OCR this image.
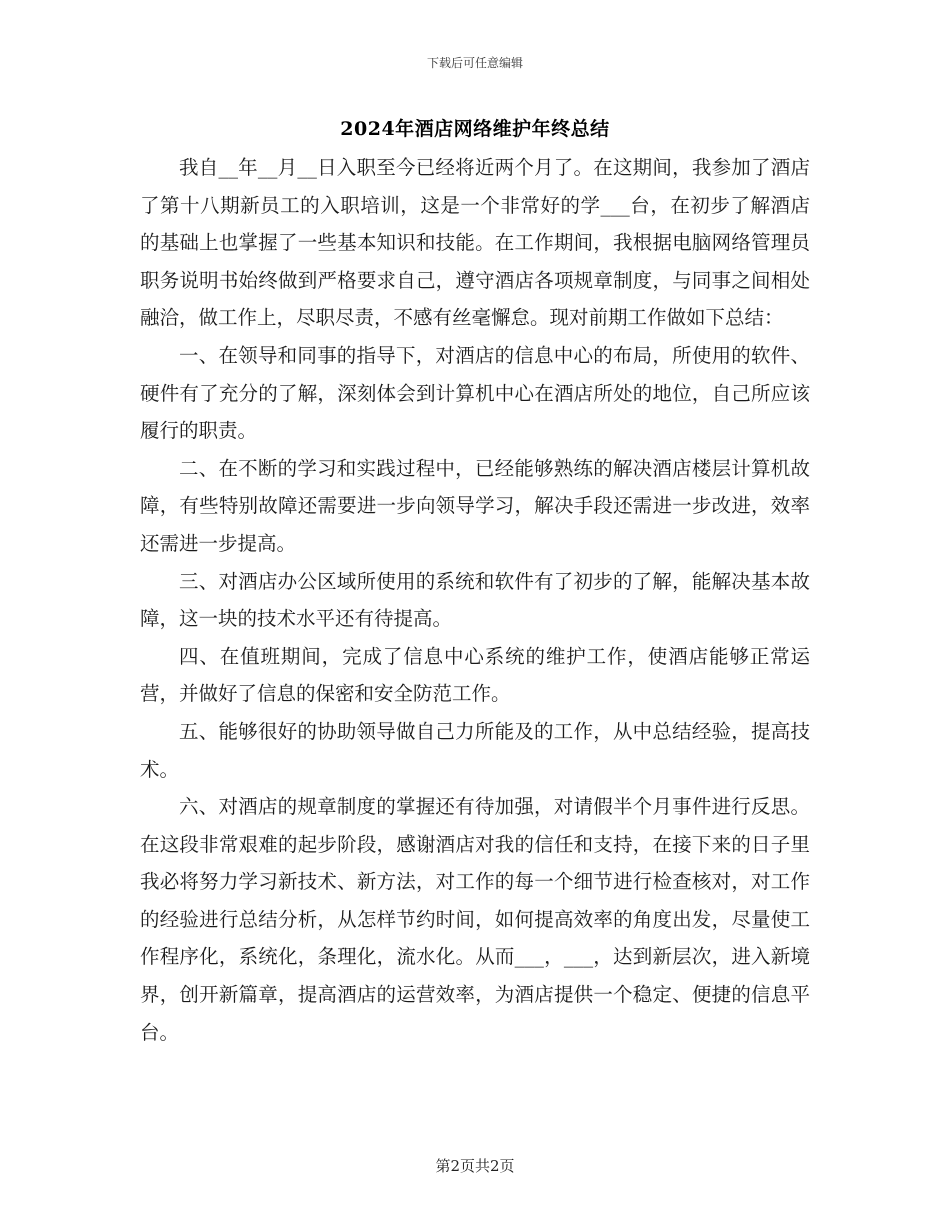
下载后可任意编辑
2024年酒店网络维护年终总结

我自__年__月__日入职至今已经将近两个月了。在这期间，我参加了酒店了第十八期新员工的入职培训，这是一个非常好的学___台，在初步了解酒店的基础上也掌握了一些基本知识和技能。在工作期间，我根据电脑网络管理员职务说明书始终做到严格要求自己，遵守酒店各项规章制度，与同事之间相处融洽，做工作上，尽职尽责，不感有丝毫懈怠。现对前期工作做如下总结：

一、在领导和同事的指导下，对酒店的信息中心的布局，所使用的软件、硬件有了充分的了解，深刻体会到计算机中心在酒店所处的地位，自己所应该履行的职责。

二、在不断的学习和实践过程中，已经能够熟练的解决酒店楼层计算机故障，有些特别故障还需要进一步向领导学习，解决手段还需进一步改进，效率还需进一步提高。

三、对酒店办公区域所使用的系统和软件有了初步的了解，能解决基本故障，这一块的技术水平还有待提高。

四、在值班期间，完成了信息中心系统的维护工作，使酒店能够正常运营，并做好了信息的保密和安全防范工作。

五、能够很好的协助领导做自己力所能及的工作，从中总结经验，提高技术。

六、对酒店的规章制度的掌握还有待加强，对请假半个月事件进行反思。在这段非常艰难的起步阶段，感谢酒店对我的信任和支持，在接下来的日子里我必将努力学习新技术、新方法，对工作的每一个细节进行检查核对，对工作的经验进行总结分析，从怎样节约时间，如何提高效率的角度出发，尽量使工作程序化，系统化，条理化，流水化。从而___，___，达到新层次，进入新境界，创开新篇章，提高酒店的运营效率，为酒店提供一个稳定、便捷的信息平台。

第2页共2页
